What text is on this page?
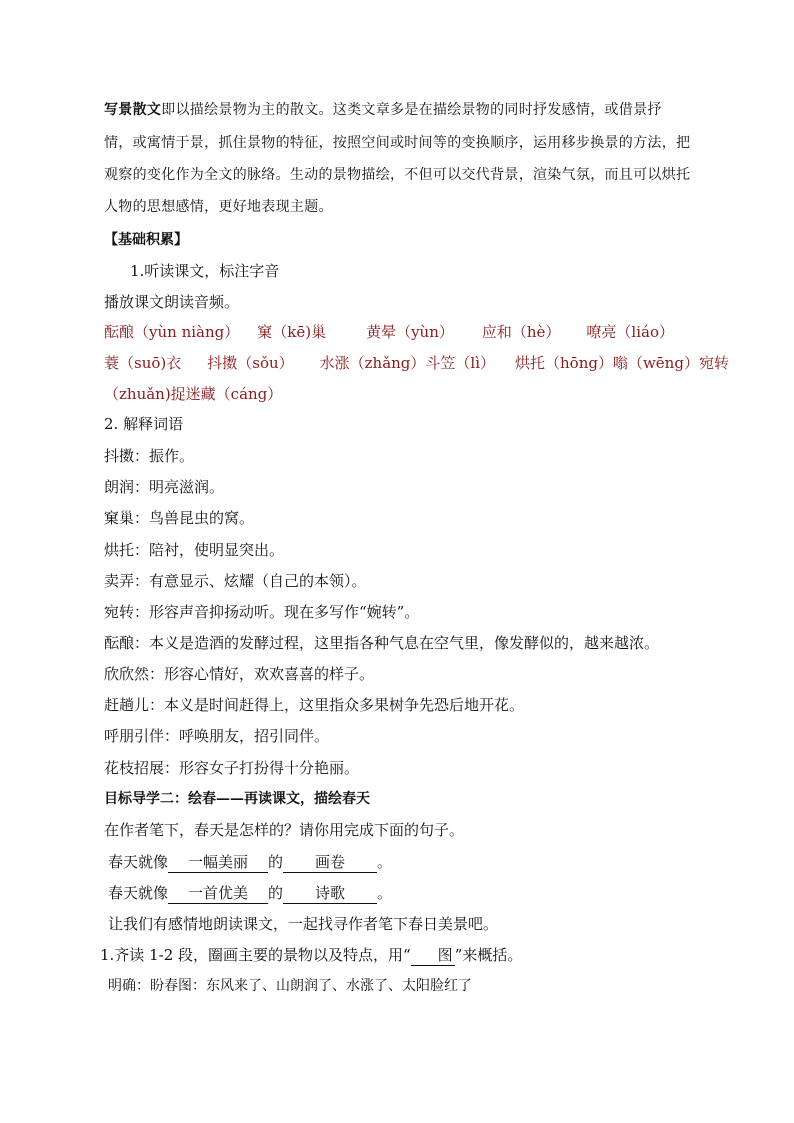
写景散文即以描绘景物为主的散文。这类文章多是在描绘景物的同时抒发感情，或借景抒
情，或寓情于景，抓住景物的特征，按照空间或时间等的变换顺序，运用移步换景的方法，把
观察的变化作为全文的脉络。生动的景物描绘，不但可以交代背景，渲染气氛，而且可以烘托
人物的思想感情，更好地表现主题。
【基础积累】
1.听读课文，标注字音
播放课文朗读音频。
酝酿（yùn niàng） 窠（kē)巢	黄晕（yùn） 应和（hè） 嘹亮（liáo）
蓑（suō)衣 抖擞（sǒu） 水涨（zhǎng）斗笠（lì） 烘托（hōng）嗡（wēng）宛转
（zhuǎn)捉迷藏（cáng）
2. 解释词语
抖擞：振作。
朗润：明亮滋润。
窠巢：鸟兽昆虫的窝。
烘托：陪衬，使明显突出。
卖弄：有意显示、炫耀（自己的本领）。
宛转：形容声音抑扬动听。现在多写作“婉转”。
酝酿：本义是造酒的发酵过程，这里指各种气息在空气里，像发酵似的，越来越浓。
欣欣然：形容心情好，欢欢喜喜的样子。
赶趟儿：本义是时间赶得上，这里指众多果树争先恐后地开花。
呼朋引伴：呼唤朋友，招引同伴。
花枝招展：形容女子打扮得十分艳丽。
目标导学二：绘春——再读课文，描绘春天
在作者笔下，春天是怎样的？请你用完成下面的句子。
春天就像 一幅美丽 的 画卷 。
春天就像 一首优美 的 诗歌 。
让我们有感情地朗读课文，一起找寻作者笔下春日美景吧。
1.齐读 1-2 段，圈画主要的景物以及特点，用“ 图 ”来概括。
明确：盼春图：东风来了、山朗润了、水涨了、太阳脸红了
